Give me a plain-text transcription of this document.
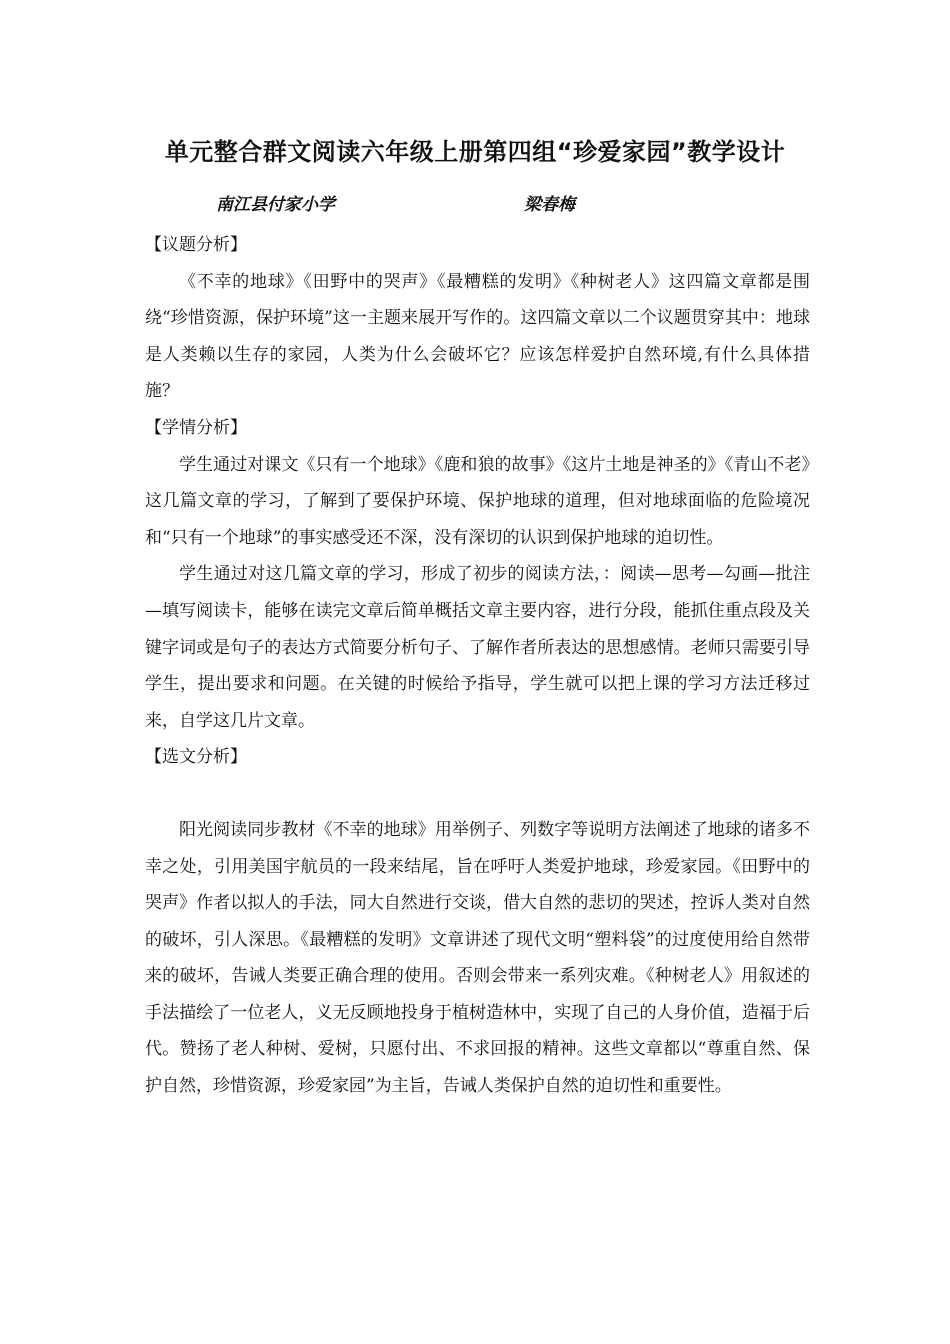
单元整合群文阅读六年级上册第四组“珍爱家园”教学设计
南江县付家小学	梁春梅

【议题分析】

《不幸的地球》《田野中的哭声》《最糟糕的发明》《种树老人》这四篇文章都是围绕“珍惜资源，保护环境”这一主题来展开写作的。这四篇文章以二个议题贯穿其中：地球是人类赖以生存的家园，人类为什么会破坏它？应该怎样爱护自然环境,有什么具体措施？

【学情分析】

学生通过对课文《只有一个地球》《鹿和狼的故事》《这片土地是神圣的》《青山不老》这几篇文章的学习，了解到了要保护环境、保护地球的道理，但对地球面临的危险境况和“只有一个地球”的事实感受还不深，没有深切的认识到保护地球的迫切性。

学生通过对这几篇文章的学习，形成了初步的阅读方法，：阅读—思考—勾画—批注—填写阅读卡，能够在读完文章后简单概括文章主要内容，进行分段，能抓住重点段及关键字词或是句子的表达方式简要分析句子、了解作者所表达的思想感情。老师只需要引导学生，提出要求和问题。在关键的时候给予指导，学生就可以把上课的学习方法迁移过来，自学这几片文章。

【选文分析】

阳光阅读同步教材《不幸的地球》用举例子、列数字等说明方法阐述了地球的诸多不幸之处，引用美国宇航员的一段来结尾，旨在呼吁人类爱护地球，珍爱家园。《田野中的哭声》作者以拟人的手法，同大自然进行交谈，借大自然的悲切的哭述，控诉人类对自然的破坏，引人深思。《最糟糕的发明》文章讲述了现代文明“塑料袋”的过度使用给自然带来的破坏，告诫人类要正确合理的使用。否则会带来一系列灾难。《种树老人》用叙述的手法描绘了一位老人，义无反顾地投身于植树造林中，实现了自己的人身价值，造福于后代。赞扬了老人种树、爱树，只愿付出、不求回报的精神。这些文章都以“尊重自然、保护自然，珍惜资源，珍爱家园”为主旨，告诫人类保护自然的迫切性和重要性。
